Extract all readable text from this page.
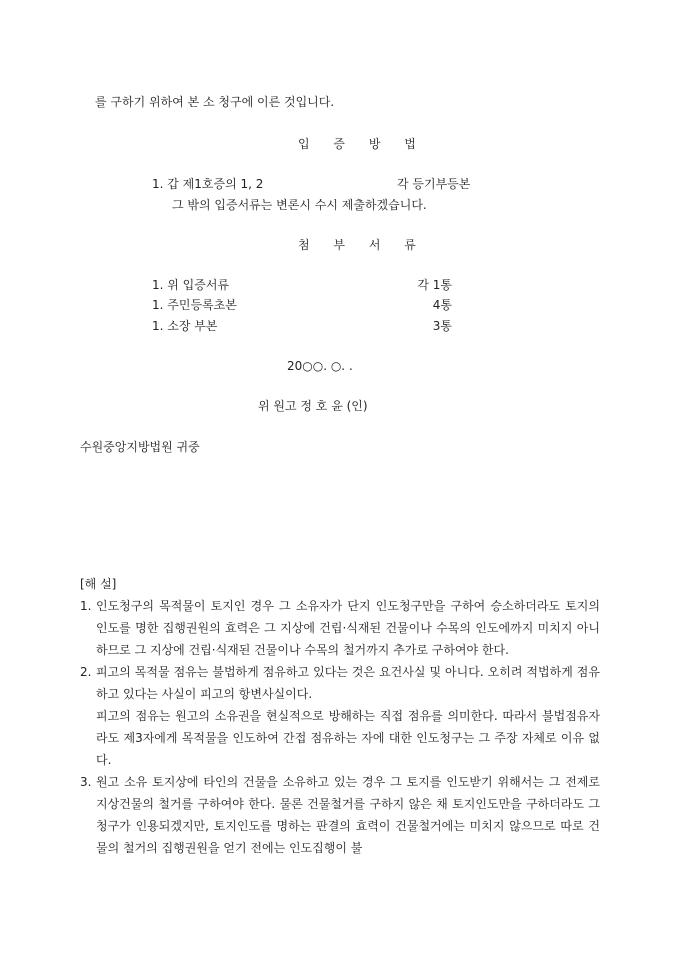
를 구하기 위하여 본 소 청구에 이른 것입니다.
입 증 방 법
1. 갑 제1호증의 1, 2	각 등기부등본
그 밖의 입증서류는 변론시 수시 제출하겠습니다.
첨 부 서 류
1. 위 입증서류	각 1통
1. 주민등록초본	4통
1. 소장 부본	3통
20○○. ○. .
위 원고 정 호 윤 (인)
수원중앙지방법원 귀중
[해 설]
1. 인도청구의 목적물이 토지인 경우 그 소유자가 단지 인도청구만을 구하여 승소하더라도 토지의 인도를 명한 집행권원의 효력은 그 지상에 건립·식재된 건물이나 수목의 인도에까지 미치지 아니하므로 그 지상에 건립·식재된 건물이나 수목의 철거까지 추가로 구하여야 한다.
2. 피고의 목적물 점유는 불법하게 점유하고 있다는 것은 요건사실 및 아니다. 오히려 적법하게 점유하고 있다는 사실이 피고의 항변사실이다.
피고의 점유는 원고의 소유권을 현실적으로 방해하는 직접 점유를 의미한다. 따라서 불법점유자라도 제3자에게 목적물을 인도하여 간접 점유하는 자에 대한 인도청구는 그 주장 자체로 이유 없다.
3. 원고 소유 토지상에 타인의 건물을 소유하고 있는 경우 그 토지를 인도받기 위해서는 그 전제로 지상건물의 철거를 구하여야 한다. 물론 건물철거를 구하지 않은 채 토지인도만을 구하더라도 그 청구가 인용되겠지만, 토지인도를 명하는 판결의 효력이 건물철거에는 미치지 않으므로 따로 건물의 철거의 집행권원을 얻기 전에는 인도집행이 불
